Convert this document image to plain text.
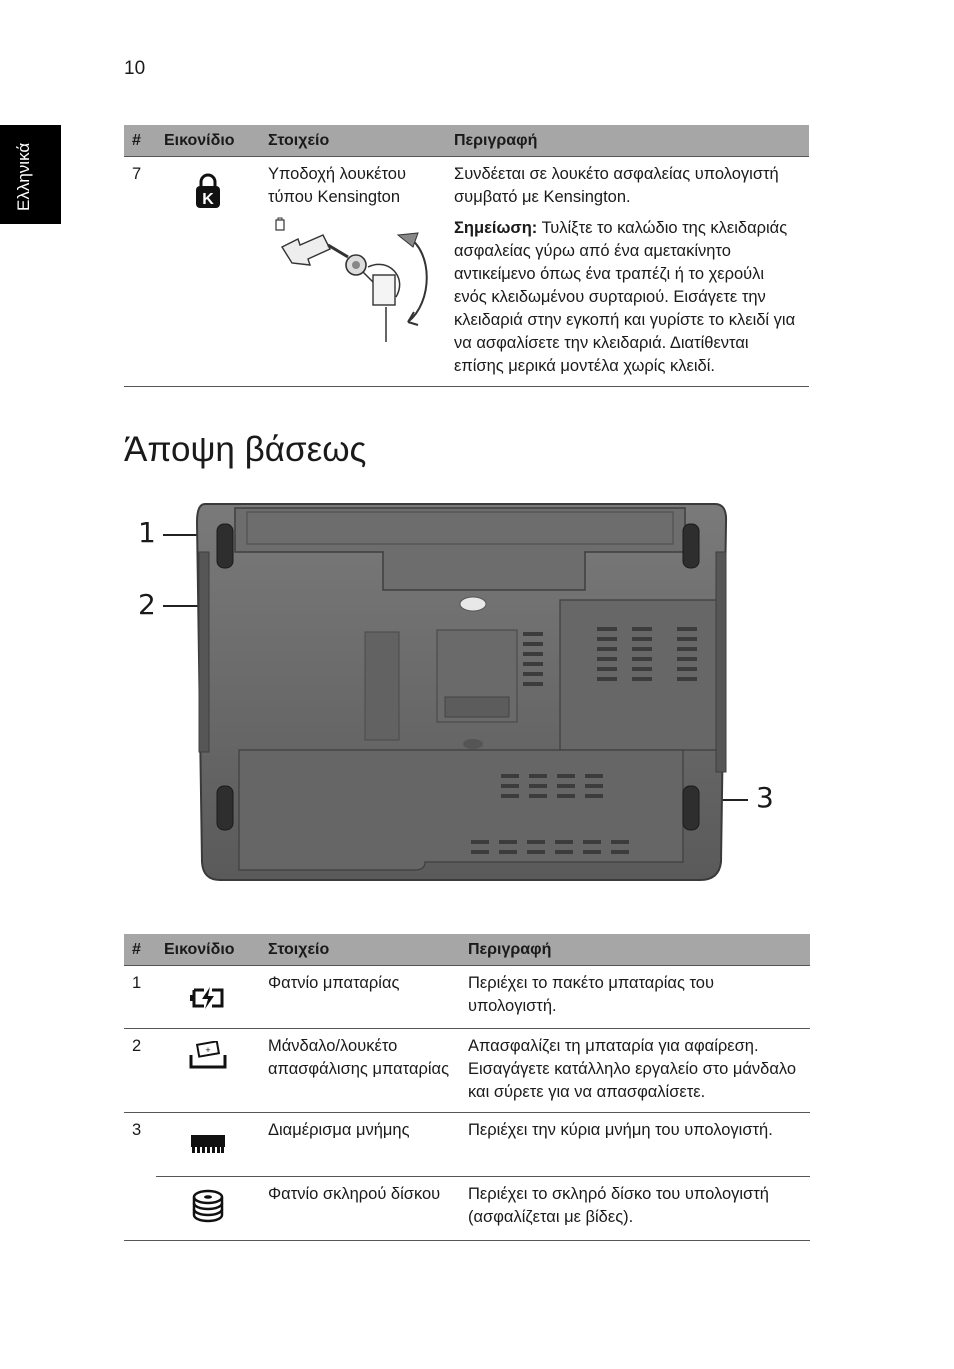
10
Ελληνικά
#	Εικονίδιο	Στοιχείο	Περιγραφή
7	K	Υποδοχή λουκέτου τύπου Kensington	Συνδέεται σε λουκέτο ασφαλείας υπολογιστή συμβατό με Kensington.

Σημείωση: Τυλίξτε το καλώδιο της κλειδαριάς ασφαλείας γύρω από ένα αμετακίνητο αντικείμενο όπως ένα τραπέζι ή το χερούλι ενός κλειδωμένου συρταριού. Εισάγετε την κλειδαριά στην εγκοπή και γυρίστε το κλειδί για να ασφαλίσετε την κλειδαριά. Διατίθενται επίσης μερικά μοντέλα χωρίς κλειδί.

Άποψη βάσεως
1
2
3
#	Εικονίδιο	Στοιχείο	Περιγραφή
1		Φατνίο μπαταρίας	Περιέχει το πακέτο μπαταρίας του υπολογιστή.
2	+	Μάνδαλο/λουκέτο απασφάλισης μπαταρίας	Απασφαλίζει τη μπαταρία για αφαίρεση. Εισαγάγετε κατάλληλο εργαλείο στο μάνδαλο και σύρετε για να απασφαλίσετε.
3		Διαμέρισμα μνήμης	Περιέχει την κύρια μνήμη του υπολογιστή.
		Φατνίο σκληρού δίσκου	Περιέχει το σκληρό δίσκο του υπολογιστή (ασφαλίζεται με βίδες).
